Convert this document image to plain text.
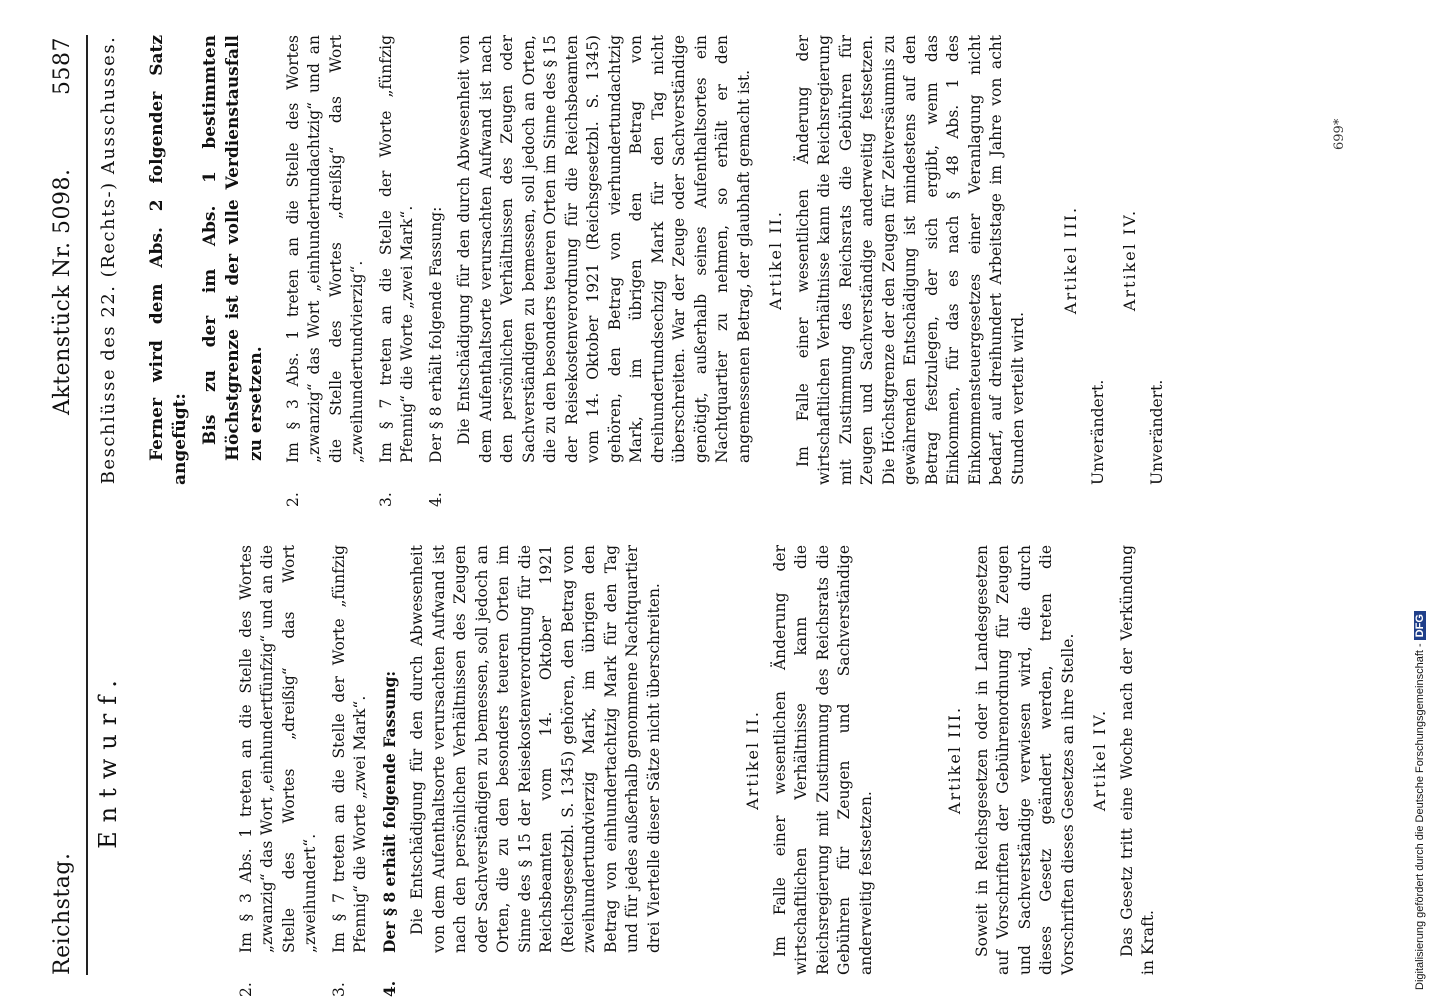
Reichstag.
Aktenstück Nr. 5098.
5587
Entwurf.

2.Im § 3 Abs. 1 treten an die Stelle des Wortes „zwanzig“ das Wort „einhundertfünfzig“ und an die Stelle des Wortes „dreißig“ das Wort „zweihundert“.

3.Im § 7 treten an die Stelle der Worte „fünfzig Pfennig“ die Worte „zwei Mark“.

4.Der § 8 erhält folgende Fassung: Die Entschädigung für den durch Abwesenheit von dem Aufenthaltsorte verursachten Aufwand ist nach den persönlichen Verhältnissen des Zeugen oder Sachverständigen zu bemessen, soll jedoch an Orten, die zu den besonders teueren Orten im Sinne des § 15 der Reisekostenverordnung für die Reichsbeamten vom 14. Oktober 1921 (Reichsgesetzbl. S. 1345) gehören, den Betrag von zweihundertundvierzig Mark, im übrigen den Betrag von einhundertachtzig Mark für den Tag und für jedes außerhalb genommene Nachtquartier drei Viertelle dieser Sätze nicht überschreiten.	Artikel II. Im Falle einer wesentlichen Änderung der wirtschaftlichen Verhältnisse kann die Reichsregierung mit Zustimmung des Reichsrats die Gebühren für Zeugen und Sachverständige anderweitig festsetzen.

Artikel III. Soweit in Reichsgesetzen oder in Landesgesetzen auf Vorschriften der Gebührenordnung für Zeugen und Sachverständige verwiesen wird, die durch dieses Gesetz geändert werden, treten die Vorschriften dieses Gesetzes an ihre Stelle. Artikel IV. Das Gesetz tritt eine Woche nach der Verkündung in Kraft.

Beschlüsse des 22. (Rechts-) Ausschusses. Ferner wird dem Abs. 2 folgender Satz angefügt: Bis zu der im Abs. 1 bestimmten Höchstgrenze ist der volle Verdienstausfall zu ersetzen.

2.Im § 3 Abs. 1 treten an die Stelle des Wortes „zwanzig“ das Wort „einhundertundachtzig“ und an die Stelle des Wortes „dreißig“ das Wort „zweihundertundvierzig“.

3.Im § 7 treten an die Stelle der Worte „fünfzig Pfennig“ die Worte „zwei Mark“.

4.Der § 8 erhält folgende Fassung: Die Entschädigung für den durch Abwesenheit von dem Aufenthaltsorte verursachten Aufwand ist nach den persönlichen Verhältnissen des Zeugen oder Sachverständigen zu bemessen, soll jedoch an Orten, die zu den besonders teueren Orten im Sinne des § 15 der Reisekostenverordnung für die Reichsbeamten vom 14. Oktober 1921 (Reichsgesetzbl. S. 1345) gehören, den Betrag von vierhundertundachtzig Mark, im übrigen den Betrag von dreihundertundsechzig Mark für den Tag nicht überschreiten. War der Zeuge oder Sachverständige genötigt, außerhalb seines Aufenthaltsortes ein Nachtquartier zu nehmen, so erhält er den angemessenen Betrag, der glaubhaft gemacht ist. Artikel II. Im Falle einer wesentlichen Änderung der wirtschaftlichen Verhältnisse kann die Reichsregierung mit Zustimmung des Reichsrats die Gebühren für Zeugen und Sachverständige anderweitig festsetzen. Die Höchstgrenze der den Zeugen für Zeitversäumnis zu gewährenden Entschädigung ist mindestens auf den Betrag festzulegen, der sich ergibt, wenn das Einkommen, für das es nach § 48 Abs. 1 des Einkommensteuergesetzes einer Veranlagung nicht bedarf, auf dreihundert Arbeitstage im Jahre von acht Stunden verteilt wird.

Artikel III.

Unverändert.

Artikel IV.

Unverändert.

699*
Digitalisierung gefördert durch die Deutsche Forschungsgemeinschaft -DFG
